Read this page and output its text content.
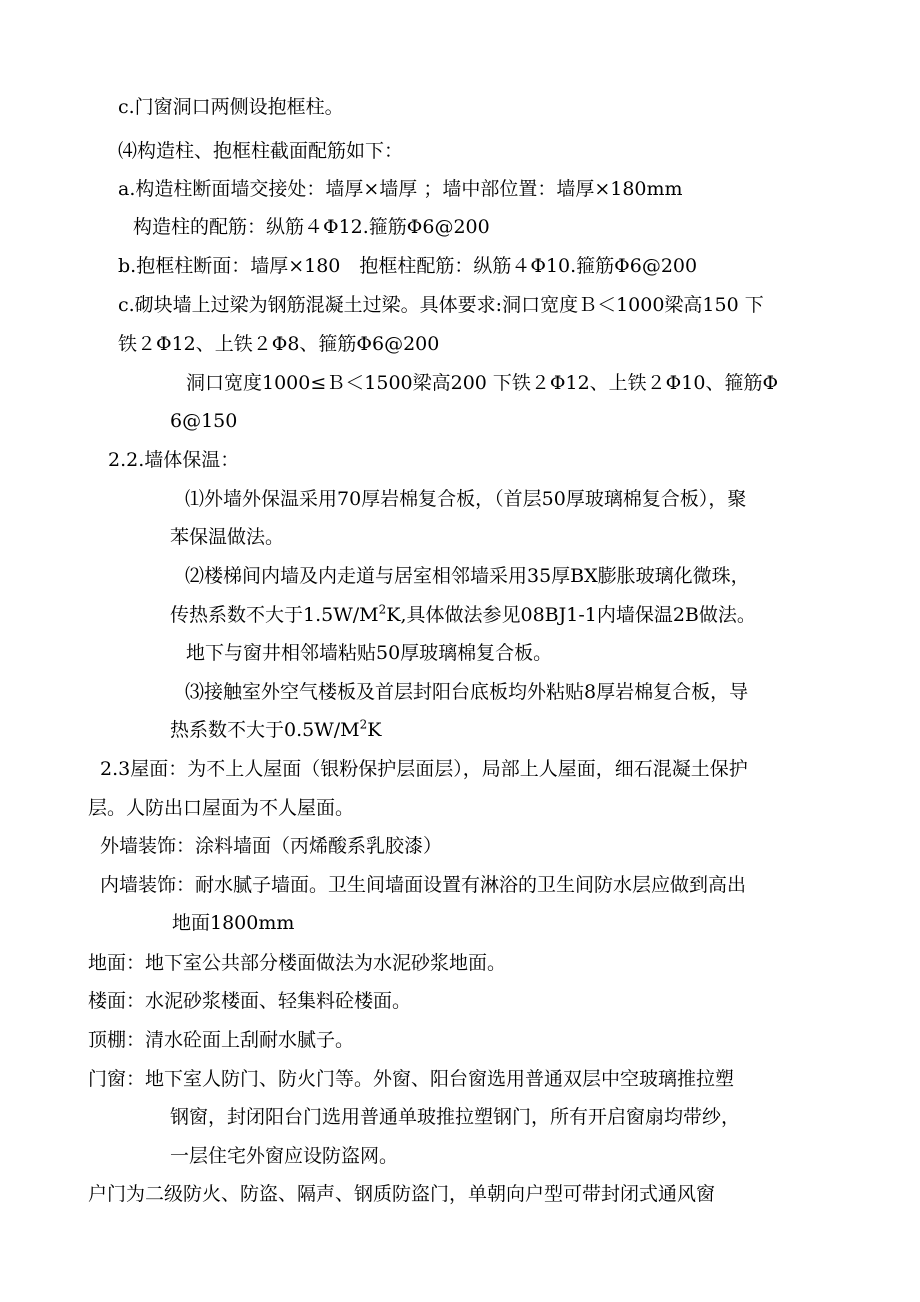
c.门窗洞口两侧设抱框柱。
⑷构造柱、抱框柱截面配筋如下：
a.构造柱断面墙交接处：墙厚×墙厚 ；墙中部位置：墙厚×180mm
构造柱的配筋：纵筋４Φ12.箍筋Φ6@200
b.抱框柱断面：墙厚×180　抱框柱配筋：纵筋４Φ10.箍筋Φ6@200
c.砌块墙上过梁为钢筋混凝土过梁。具体要求:洞口宽度Ｂ＜1000梁高150 下
铁２Φ12、上铁２Φ8、箍筋Φ6@200
洞口宽度1000≤Ｂ＜1500梁高200 下铁２Φ12、上铁２Φ10、箍筋Φ
6@150
2.2.墙体保温：
⑴外墙外保温采用70厚岩棉复合板，（首层50厚玻璃棉复合板），聚
苯保温做法。
⑵楼梯间内墙及内走道与居室相邻墙采用35厚BX膨胀玻璃化微珠，
传热系数不大于$1.5W/M^2K$,具体做法参见08BJ1-1内墙保温2B做法。
地下与窗井相邻墙粘贴50厚玻璃棉复合板。
⑶接触室外空气楼板及首层封阳台底板均外粘贴8厚岩棉复合板，导
热系数不大于$0.5W/M^2K$
2.3屋面：为不上人屋面（银粉保护层面层），局部上人屋面，细石混凝土保护
层。人防出口屋面为不人屋面。
外墙装饰：涂料墙面（丙烯酸系乳胶漆）
内墙装饰：耐水腻子墙面。卫生间墙面设置有淋浴的卫生间防水层应做到高出
地面1800mm
地面：地下室公共部分楼面做法为水泥砂浆地面。
楼面：水泥砂浆楼面、轻集料砼楼面。
顶棚：清水砼面上刮耐水腻子。
门窗：地下室人防门、防火门等。外窗、阳台窗选用普通双层中空玻璃推拉塑
钢窗，封闭阳台门选用普通单玻推拉塑钢门，所有开启窗扇均带纱，
一层住宅外窗应设防盗网。
户门为二级防火、防盗、隔声、钢质防盗门，单朝向户型可带封闭式通风窗
